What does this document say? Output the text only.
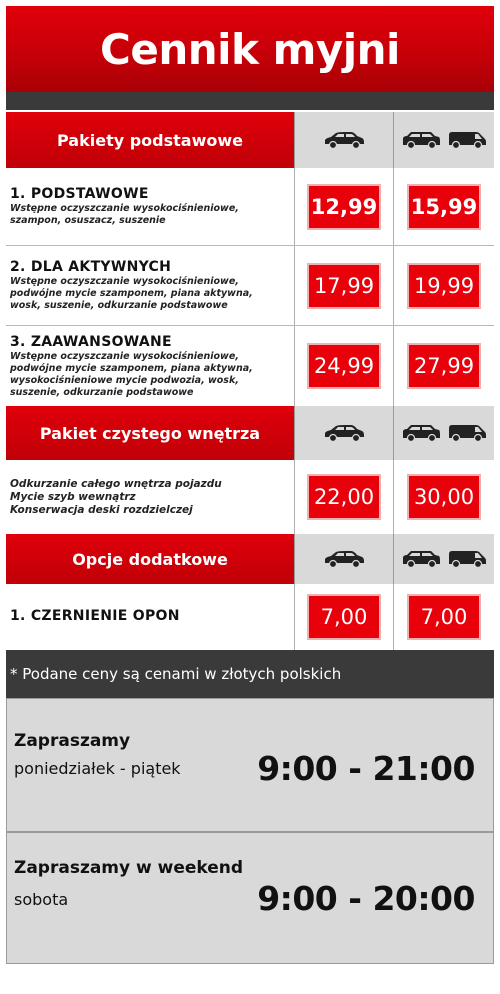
Cennik myjni
Pakiety podstawowe
1. PODSTAWOWE
Wstępne oczyszczanie wysokociśnieniowe,
szampon, osuszacz, suszenie
12,99 15,99
2. DLA AKTYWNYCH
Wstępne oczyszczanie wysokociśnieniowe,
podwójne mycie szamponem, piana aktywna,
wosk, suszenie, odkurzanie podstawowe
17,99 19,99
3. ZAAWANSOWANE
Wstępne oczyszczanie wysokociśnieniowe,
podwójne mycie szamponem, piana aktywna,
wysokociśnieniowe mycie podwozia, wosk,
suszenie, odkurzanie podstawowe
24,99 27,99
Pakiet czystego wnętrza
Odkurzanie całego wnętrza pojazdu
Mycie szyb wewnątrz
Konserwacja deski rozdzielczej
22,00 30,00
Opcje dodatkowe
1. CZERNIENIE OPON	7,00	7,00
* Podane ceny są cenami w złotych polskich
Zapraszamy
poniedziałek - piątek 9:00 - 21:00
Zapraszamy w weekend
sobota	9:00 - 20:00
